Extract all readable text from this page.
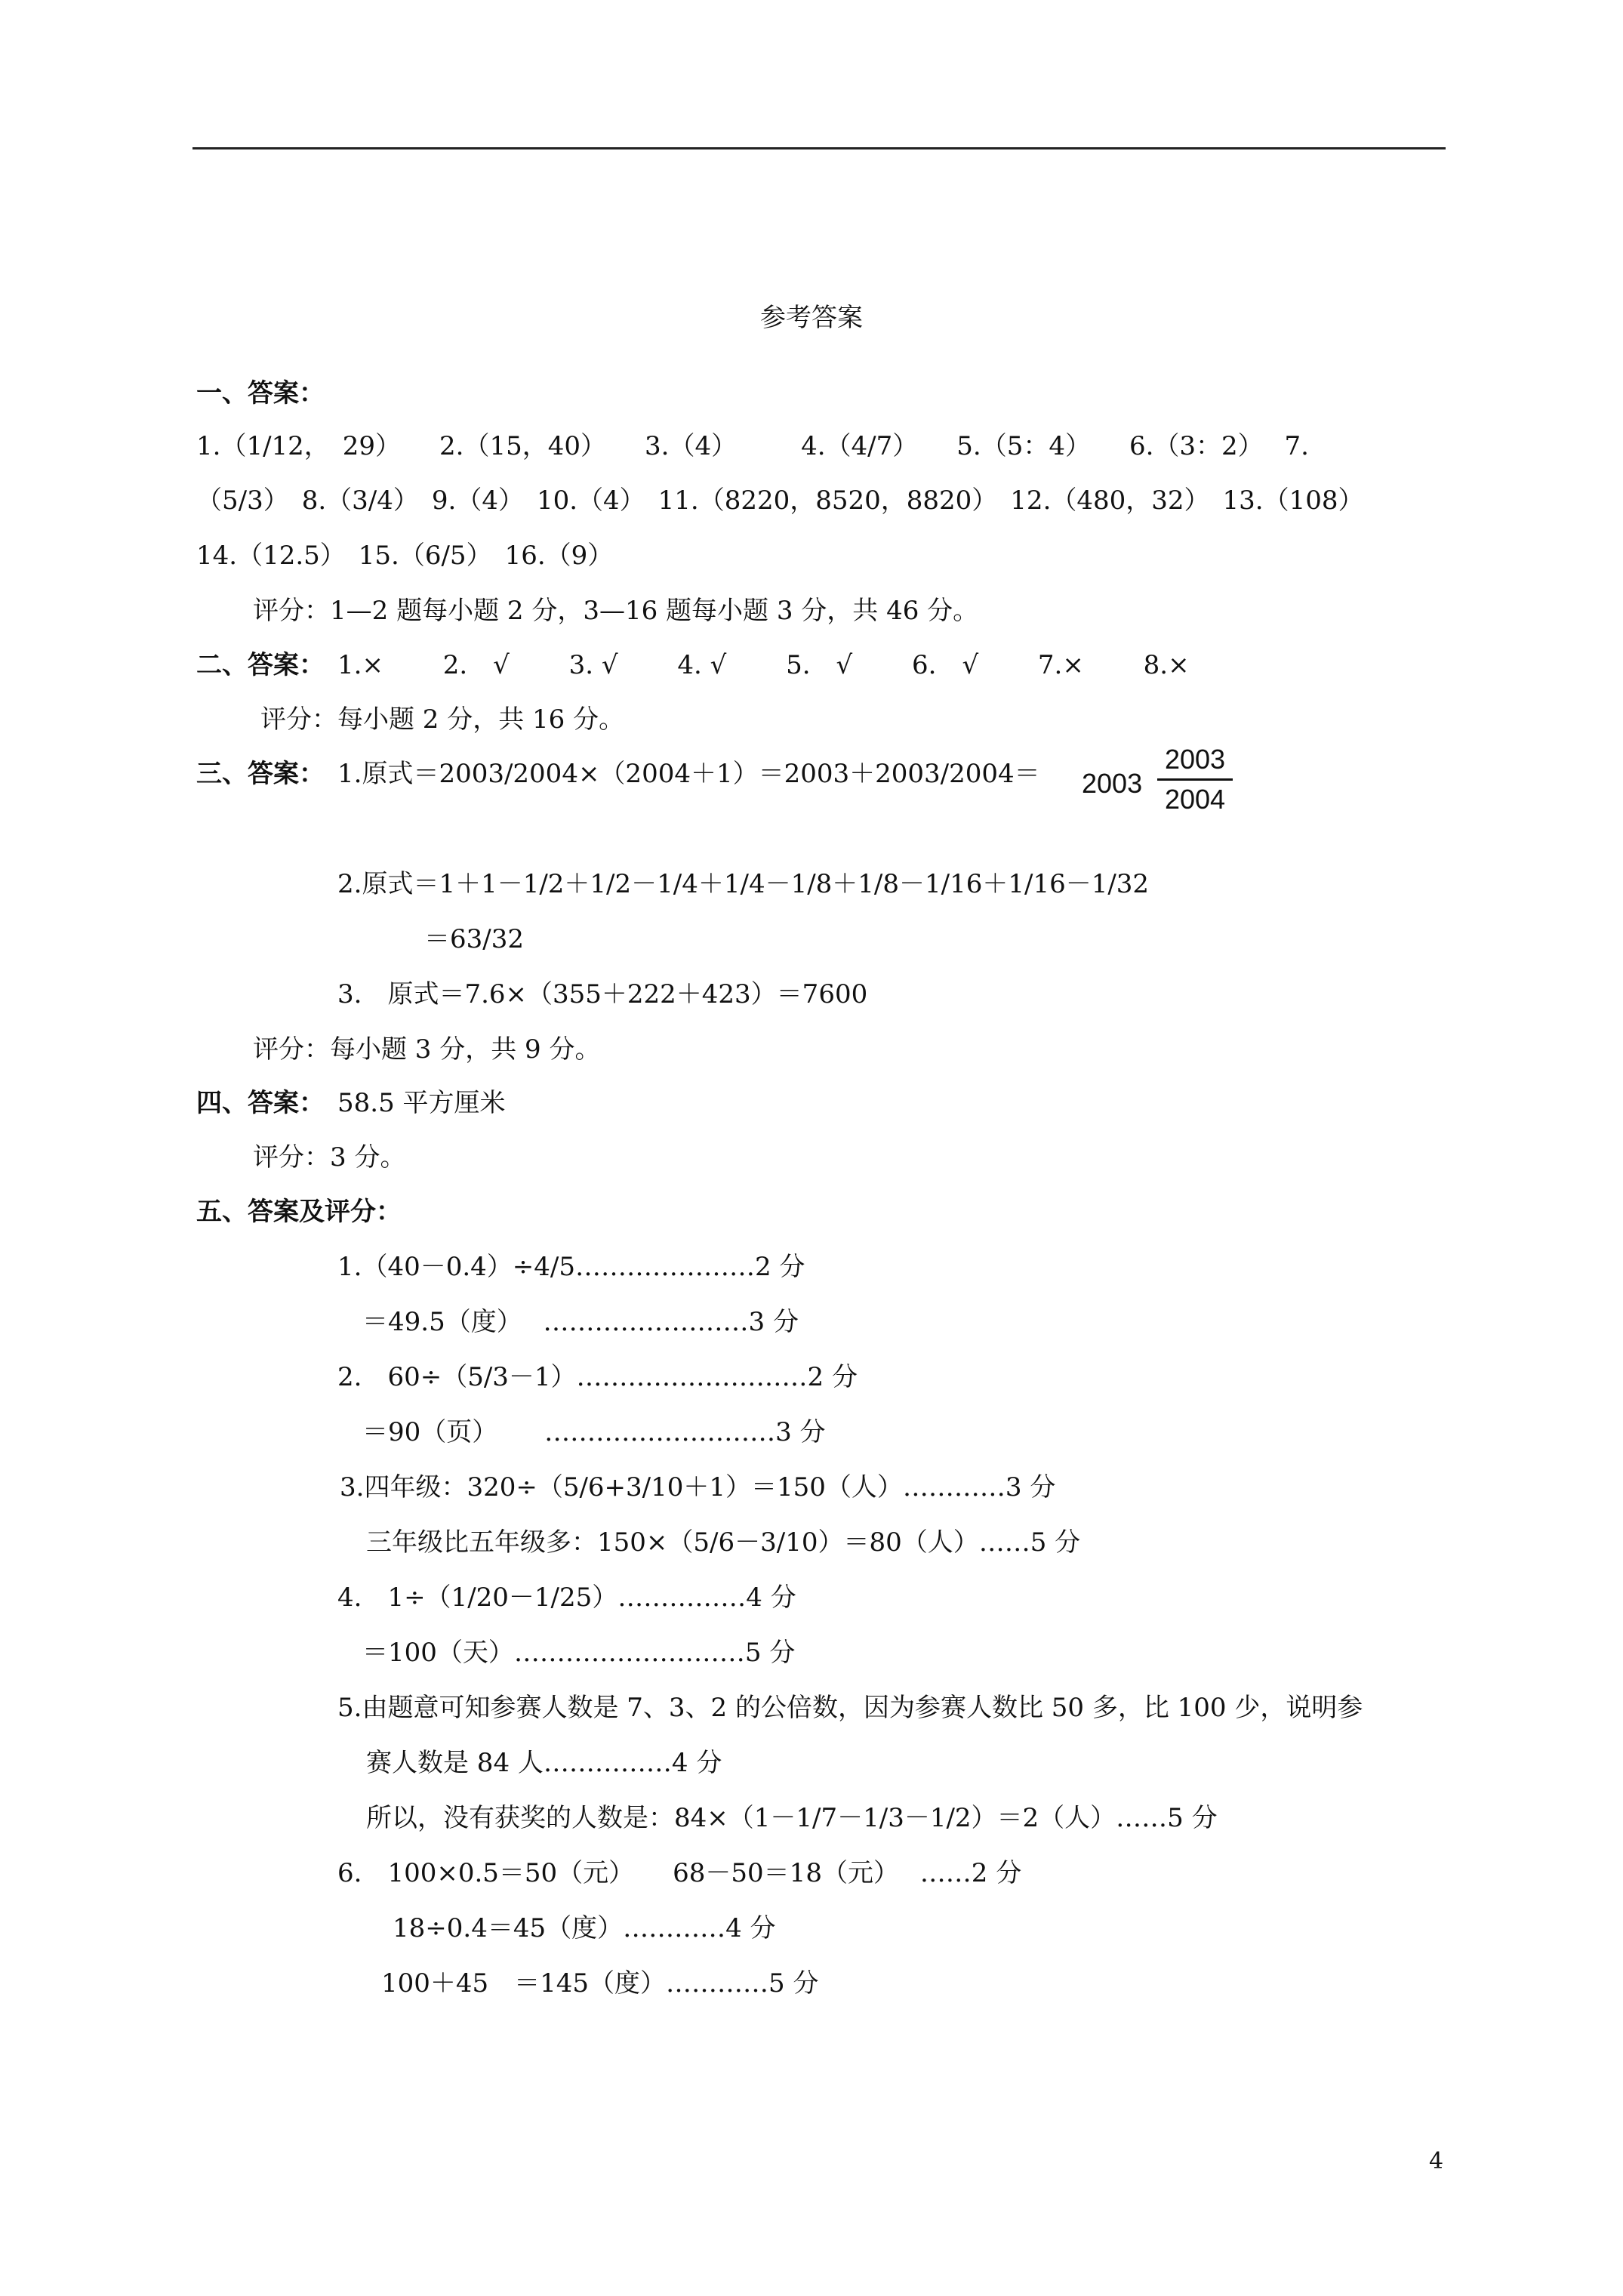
参考答案
一、答案：
1.（1/12，　29）　　2.（15，40）　　3.（4）　　　4.（4/7）　　5.（5：4）　　6.（3：2）　 7.
（5/3）　8.（3/4）　9.（4）　10.（4）　11.（8220，8520，8820）　12.（480，32）　13.（108）
14.（12.5）　15.（6/5）　16.（9）
评分：1—2 题每小题 2 分，3—16 题每小题 3 分，共 46 分。
二、答案： 1.×　　 2.　√　　 3. √　　 4. √　　 5.　√　　 6.　√　　 7.×　　 8.×
评分：每小题 2 分，共 16 分。
三、答案： 1.原式＝2003/2004×（2004＋1）＝2003＋2003/2004＝ 2003
2003
2004
2.原式＝1＋1－1/2＋1/2－1/4＋1/4－1/8＋1/8－1/16＋1/16－1/32
＝63/32
3.　原式＝7.6×（355＋222＋423）＝7600
评分：每小题 3 分，共 9 分。
四、答案： 58.5 平方厘米
评分：3 分。
五、答案及评分：
1.（40－0.4）÷4/5…………………2 分
＝49.5（度）　 ……………………3 分
2.　60÷（5/3－1）………………………2 分
＝90（页）　　 ………………………3 分
3.四年级：320÷（5/6+3/10＋1）＝150（人）…………3 分
三年级比五年级多：150×（5/6－3/10）＝80（人）……5 分
4.　1÷（1/20－1/25）……………4 分
＝100（天）………………………5 分
5.由题意可知参赛人数是 7、3、2 的公倍数，因为参赛人数比 50 多，比 100 少，说明参
赛人数是 84 人……………4 分
所以，没有获奖的人数是：84×（1－1/7－1/3－1/2）＝2（人）……5 分
6.　100×0.5＝50（元）　　68－50＝18（元）　 ……2 分
18÷0.4＝45（度）…………4 分
100＋45　＝145（度）…………5 分
4
